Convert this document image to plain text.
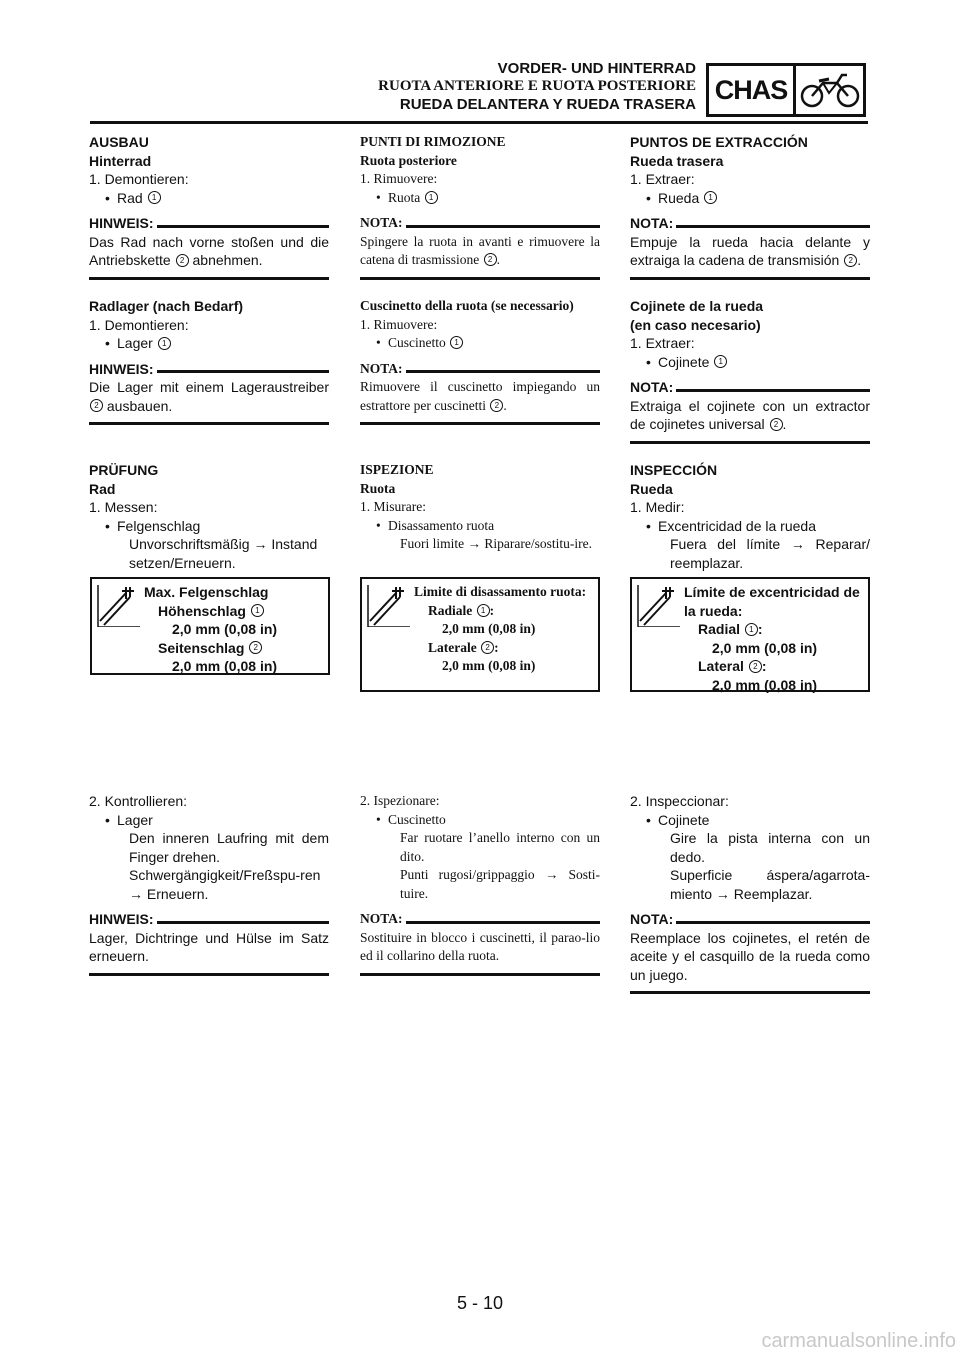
VORDER- UND HINTERRAD
RUOTA ANTERIORE E RUOTA POSTERIORE
RUEDA DELANTERA Y RUEDA TRASERA CHAS
AUSBAU
Hinterrad
1. Demontieren:
• Rad 1
HINWEIS:
Das Rad nach vorne stoßen und die Antriebskette 2 abnehmen.
Radlager (nach Bedarf)
1. Demontieren:
• Lager 1
HINWEIS:
Die Lager mit einem Lageraustreiber 2 ausbauen.
PRÜFUNG
Rad
1. Messen:
• Felgenschlag
Unvorschriftsmäßig → Instand setzen/Erneuern.
Max. Felgenschlag
Höhenschlag 1
2,0 mm (0,08 in)
Seitenschlag 2
2,0 mm (0,08 in)
2. Kontrollieren:
• Lager
Den inneren Laufring mit dem Finger drehen.
Schwergängigkeit/Freßspu-ren → Erneuern.
HINWEIS:
Lager, Dichtringe und Hülse im Satz erneuern.
PUNTI DI RIMOZIONE
Ruota posteriore
1. Rimuovere:
• Ruota 1
NOTA:
Spingere la ruota in avanti e rimuovere la catena di trasmissione 2 .
Cuscinetto della ruota (se necessario)
1. Rimuovere:
• Cuscinetto 1
NOTA:
Rimuovere il cuscinetto impiegando un estrattore per cuscinetti 2 .
ISPEZIONE
Ruota
1. Misurare:
• Disassamento ruota
Fuori limite → Riparare/sostitu-ire.
Limite di disassamento ruota:
Radiale 1 :
2,0 mm (0,08 in)
Laterale 2 :
2,0 mm (0,08 in)
2. Ispezionare:
• Cuscinetto
Far ruotare l’anello interno con un dito.
Punti rugosi/grippaggio → Sosti-tuire.
NOTA:
Sostituire in blocco i cuscinetti, il parao-lio ed il collarino della ruota.
PUNTOS DE EXTRACCIÓN
Rueda trasera
1. Extraer:
• Rueda 1
NOTA:
Empuje la rueda hacia delante y extraiga la cadena de transmisión 2 .
Cojinete de la rueda
(en caso necesario)
1. Extraer:
• Cojinete 1
NOTA:
Extraiga el cojinete con un extractor de cojinetes universal 2 .
INSPECCIÓN
Rueda
1. Medir:
• Excentricidad de la rueda
Fuera del límite → Reparar/ reemplazar.
Límite de excentricidad de la rueda:
Radial 1 :
2,0 mm (0,08 in)
Lateral 2 :
2,0 mm (0,08 in)
2. Inspeccionar:
• Cojinete
Gire la pista interna con un dedo.
Superficie áspera/agarrota-miento → Reemplazar.
NOTA:
Reemplace los cojinetes, el retén de aceite y el casquillo de la rueda como un juego.
5 - 10
carmanualsonline.info
